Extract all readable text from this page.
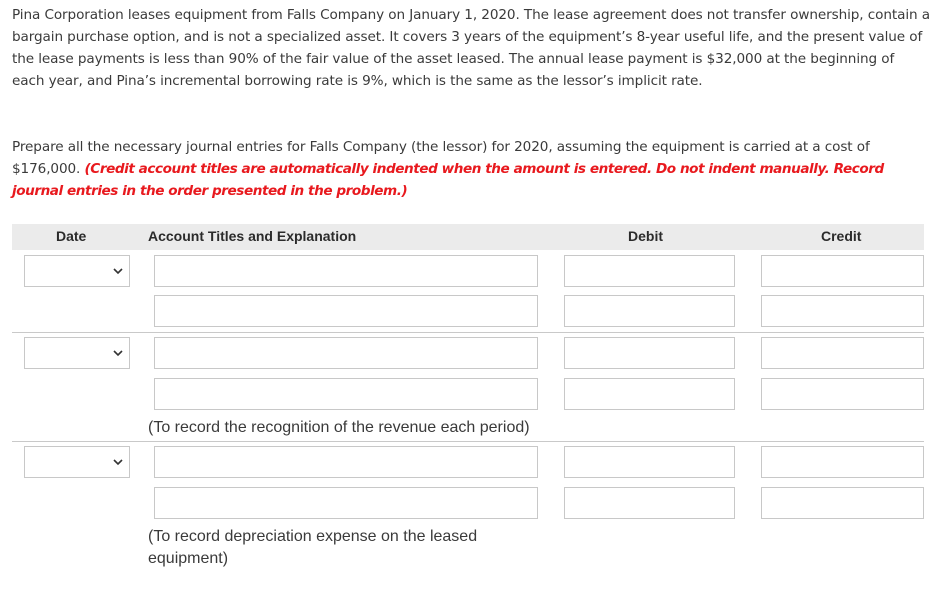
Pina Corporation leases equipment from Falls Company on January 1, 2020. The lease agreement does not transfer ownership, contain a bargain purchase option, and is not a specialized asset. It covers 3 years of the equipment’s 8-year useful life, and the present value of the lease payments is less than 90% of the fair value of the asset leased. The annual lease payment is $32,000 at the beginning of each year, and Pina’s incremental borrowing rate is 9%, which is the same as the lessor’s implicit rate.
Prepare all the necessary journal entries for Falls Company (the lessor) for 2020, assuming the equipment is carried at a cost of $176,000. (Credit account titles are automatically indented when the amount is entered. Do not indent manually. Record journal entries in the order presented in the problem.)
Date	Account Titles and Explanation	Debit	Credit
(To record the recognition of the revenue each period)
(To record depreciation expense on the leased equipment)
